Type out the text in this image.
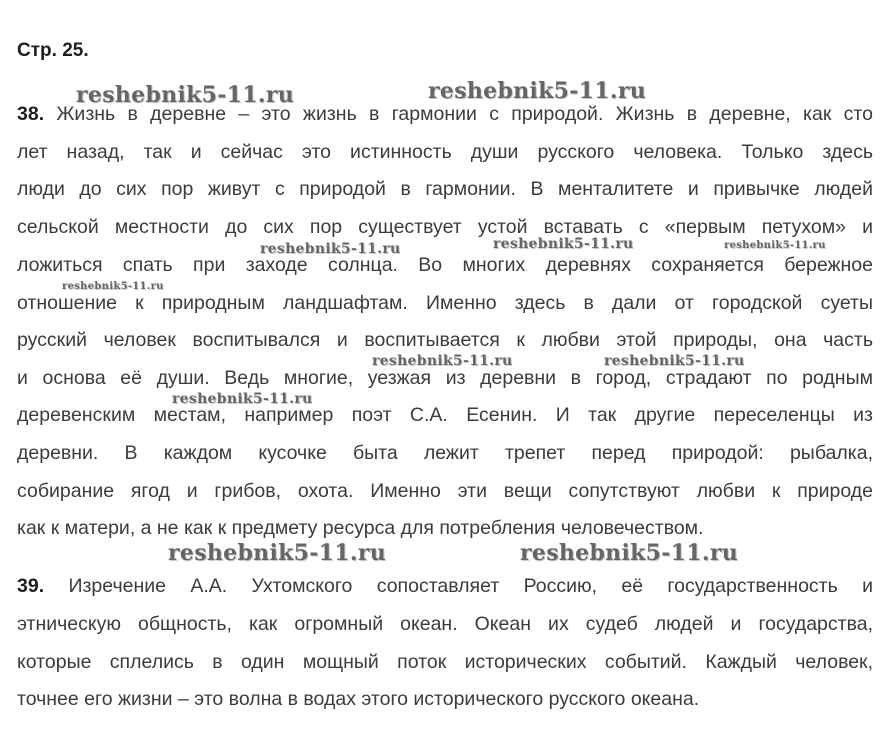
Стр. 25.
reshebnik5-11.ru	reshebnik5-11.ru
reshebnik5-11.ru	reshebnik5-11.ru	reshebnik5-11.ru
reshebnik5-11.ru
reshebnik5-11.ru	reshebnik5-11.ru
reshebnik5-11.ru
reshebnik5-11.ru	reshebnik5-11.ru
38. Жизнь в деревне – это жизнь в гармонии с природой. Жизнь в деревне, как сто
лет назад, так и сейчас это истинность души русского человека. Только здесь
люди до сих пор живут с природой в гармонии. В менталитете и привычке людей
сельской местности до сих пор существует устой вставать с «первым петухом» и
ложиться спать при заходе солнца. Во многих деревнях сохраняется бережное
отношение к природным ландшафтам. Именно здесь в дали от городской суеты
русский человек воспитывался и воспитывается к любви этой природы, она часть
и основа её души. Ведь многие, уезжая из деревни в город, страдают по родным
деревенским местам, например поэт С.А. Есенин. И так другие переселенцы из
деревни. В каждом кусочке быта лежит трепет перед природой: рыбалка,
собирание ягод и грибов, охота. Именно эти вещи сопутствуют любви к природе
как к матери, а не как к предмету ресурса для потребления человечеством.
39. Изречение А.А. Ухтомского сопоставляет Россию, её государственность и
этническую общность, как огромный океан. Океан их судеб людей и государства,
которые сплелись в один мощный поток исторических событий. Каждый человек,
точнее его жизни – это волна в водах этого исторического русского океана.
